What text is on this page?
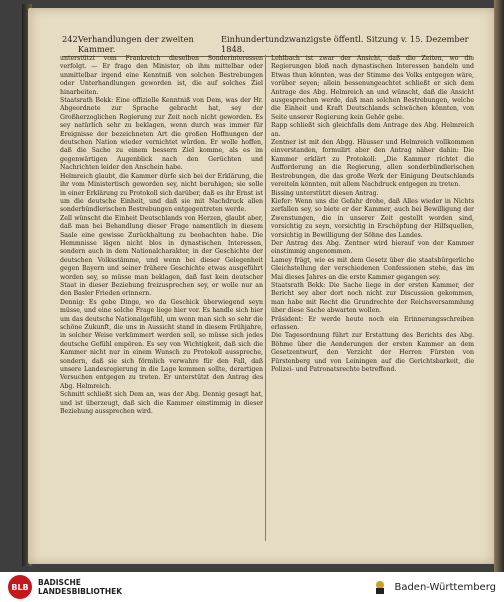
242 Verhandlungen der zweiten Kammer.
Einhundertundzwanzigste öffentl. Sitzung v. 15. Dezember 1848.

unterstützt vom Frankreich dieselben Sonderinteressen verfolgt. — Er frage den Minister, ob ihm mittelbar oder unmittelbar irgend eine Kenntniß von solchen Bestrebungen oder Unterhandlungen geworden ist, die auf solches Ziel hinarbeiten.

Staatsrath Bekk: Eine offizielle Kenntniß von Dem, was der Hr. Abgeordnete zur Sprache gebracht hat, sey der Großherzoglichen Regierung zur Zeit noch nicht geworden. Es sey natürlich sehr zu beklagen, wenn durch was immer für Ereignisse der bezeichneten Art die großen Hoffnungen der deutschen Nation wieder vernichtet würden. Er wolle hoffen, daß die Sache zu einem bessern Ziel komme, als es im gegenwärtigen Augenblick nach den Gerüchten und Nachrichten leider den Anschein habe.

Helmreich glaubt, die Kammer dürfe sich bei der Erklärung, die ihr vom Ministertisch geworden sey, nicht beruhigen; sie solle in einer Erklärung zu Protokoll sich darüber, daß es ihr Ernst ist um die deutsche Einheit, und daß sie mit Nachdruck allen sonderbündlerischen Bestrebungen entgegentreten werde.

Zell wünscht die Einheit Deutschlands von Herzen, glaubt aber, daß man bei Behandlung dieser Frage namentlich in diesem Saale eine gewisse Zurückhaltung zu beobachten habe. Die Hemmnisse lägen nicht blos in dynastischen Interessen, sondern auch in dem Nationalcharakter, in der Geschichte der deutschen Volksstämme, und wenn bei dieser Gelegenheit gegen Bayern und seiner frühere Geschichte etwas ausgeführt worden sey, so müsse man beklagen, daß fast kein deutscher Staat in dieser Beziehung freizusprechen sey, er wolle nur an den Basler Frieden erinnern.

Dennig: Es gebe Dinge, wo da Geschick überwiegend seyn müsse, und eine solche Frage liege hier vor. Es handle sich hier um das deutsche Nationalgefühl, um wenn man sich so sehr die schöne Zukunft, die uns in Aussicht stand in diesem Frühjahre, in solcher Weise verkümmert werden soll, so müsse sich jedes deutsche Gefühl empören. Es sey von Wichtigkeit, daß sich die Kammer nicht nur in einem Wunsch zu Protokoll ausspreche, sondern, daß sie sich förmlich verwahre für den Fall, daß unsere Landesregierung in die Lage kommen sollte, derartigen Versuchen entgegen zu treten. Er unterstützt den Antrag des Abg. Helmreich.

Schmitt schließt sich Dem an, was der Abg. Dennig gesagt hat, und ist überzeugt, daß sich die Kammer einstimmig in dieser Beziehung aussprechen wird.

Lehlbach ist zwar der Ansicht, daß die Zeiten, wo die Regierungen bloß nach dynastischen Interessen handeln und Etwas thun könnten, was der Stimme des Volks entgegen wäre, vorüber seyen; allein bessenungeachtet schließt er sich dem Antrage des Abg. Helmreich an und wünscht, daß die Ansicht ausgesprochen werde, daß man solchen Bestrebungen, welche die Einheit und Kraft Deutschlands schwächen könnten, von Seite unserer Regierung kein Gehör gebe.

Rapp schließt sich gleichfalls dem Antrage des Abg. Helmreich an.

Zentner ist mit den Abgg. Häusser und Helmreich vollkommen einverstanden, formulirt aber den Antrag näher dahin: Die Kammer erklärt zu Protokoll: „Die Kammer richtet die Aufforderung an die Regierung, allen sonderbündlerischen Bestrebungen, die das große Werk der Einigung Deutschlands vereiteln könnten, mit allem Nachdruck entgegen zu treten.

Bissing unterstützt diesen Antrag.

Kiefer: Wenn uns die Gefahr drohe, daß Alles wieder in Nichts zerfallen sey, so biete er der Kammer, auch bei Bewilligung der Zwenstungen, die in unserer Zeit gestellt worden sind, vorsichtig zu seyn, vorsichtig in Erschöpfung der Hilfsquellen, vorsichtig in Bewilligung der Söhne des Landes.

Der Antrag des Abg. Zentner wird hierauf von der Kammer einstimmig angenommen.

Lamey frägt, wie es mit dem Gesetz über die staatsbürgerliche Gleichstellung der verschiedenen Confessionen stehe, das im Mai dieses Jahres an die erste Kammer gegangen sey.

Staatsrath Bekk: Die Sache liege in der ersten Kammer, der Bericht sey aber dort noch nicht zur Discussion gekommen, man habe mit Recht die Grundrechte der Reichsversammlung über diese Sache abwarten wollen.

Präsident: Er werde heute noch ein Erinnerungsschreiben erlassen.

Die Tagesordnung führt zur Erstattung des Berichts des Abg. Böhme über die Aenderungen der ersten Kammer an dem Gesetzentwurf, den Verzicht der Herren Fürsten von Fürstenberg und von Leiningen auf die Gerichtsbarkeit, die Polizei- und Patronatsrechte betreffend.

BLB	BADISCHE
LANDESBIBLIOTHEK	Baden-Württemberg
